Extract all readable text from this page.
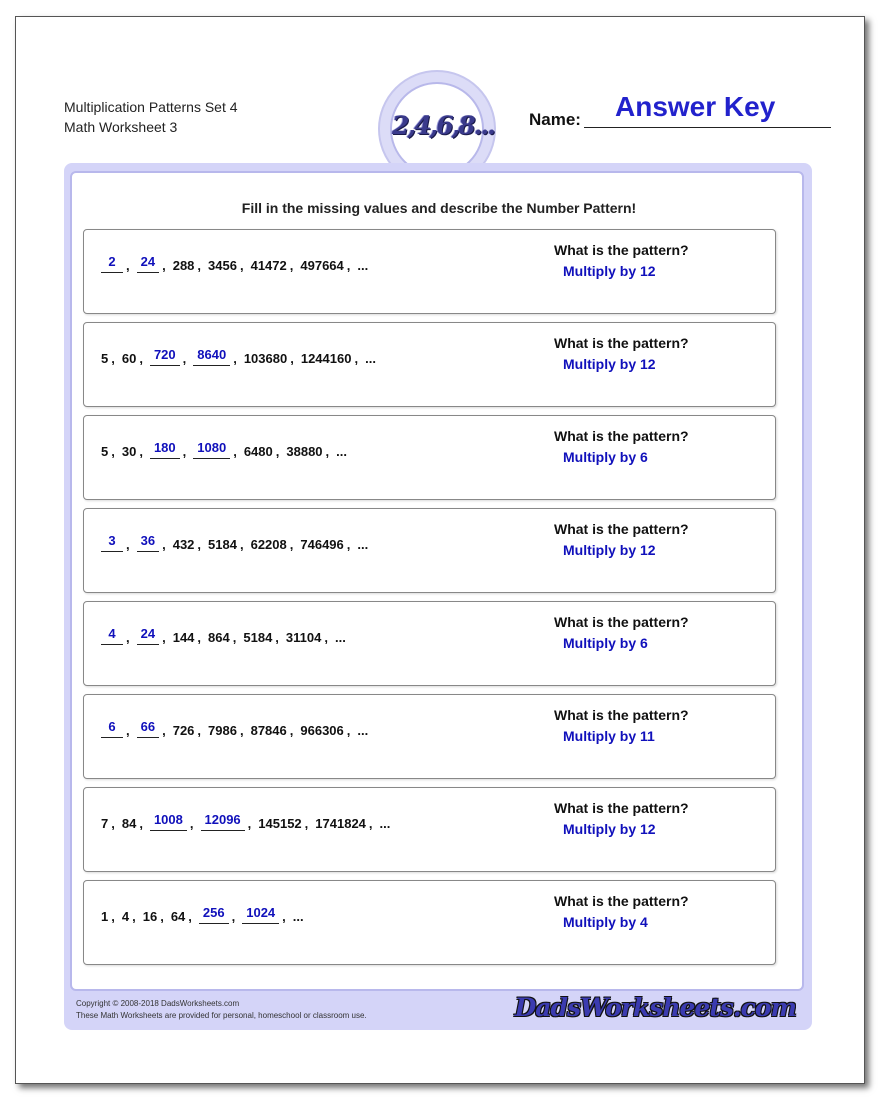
Multiplication Patterns Set 4
Math Worksheet 3	2,4,6,8... Name: Answer Key
Fill in the missing values and describe the Number Pattern!
Copyright © 2008-2018 DadsWorksheets.com
These Math Worksheets are provided for personal, homeschool or classroom use.	DadsWorksheets.com
2 , 24 , 288 , 3456 , 41472 , 497664 , ...
What is the pattern?
Multiply by 12
5 , 60 , 720 , 8640 , 103680 , 1244160 , ...
What is the pattern?
Multiply by 12
5 , 30 , 180 , 1080 , 6480 , 38880 , ...
What is the pattern?
Multiply by 6
3 , 36 , 432 , 5184 , 62208 , 746496 , ...
What is the pattern?
Multiply by 12
4 , 24 , 144 , 864 , 5184 , 31104 , ...
What is the pattern?
Multiply by 6
6 , 66 , 726 , 7986 , 87846 , 966306 , ...
What is the pattern?
Multiply by 11
7 , 84 , 1008 , 12096 , 145152 , 1741824 , ...
What is the pattern?
Multiply by 12
1 , 4 , 16 , 64 , 256 , 1024 , ...
What is the pattern?
Multiply by 4
